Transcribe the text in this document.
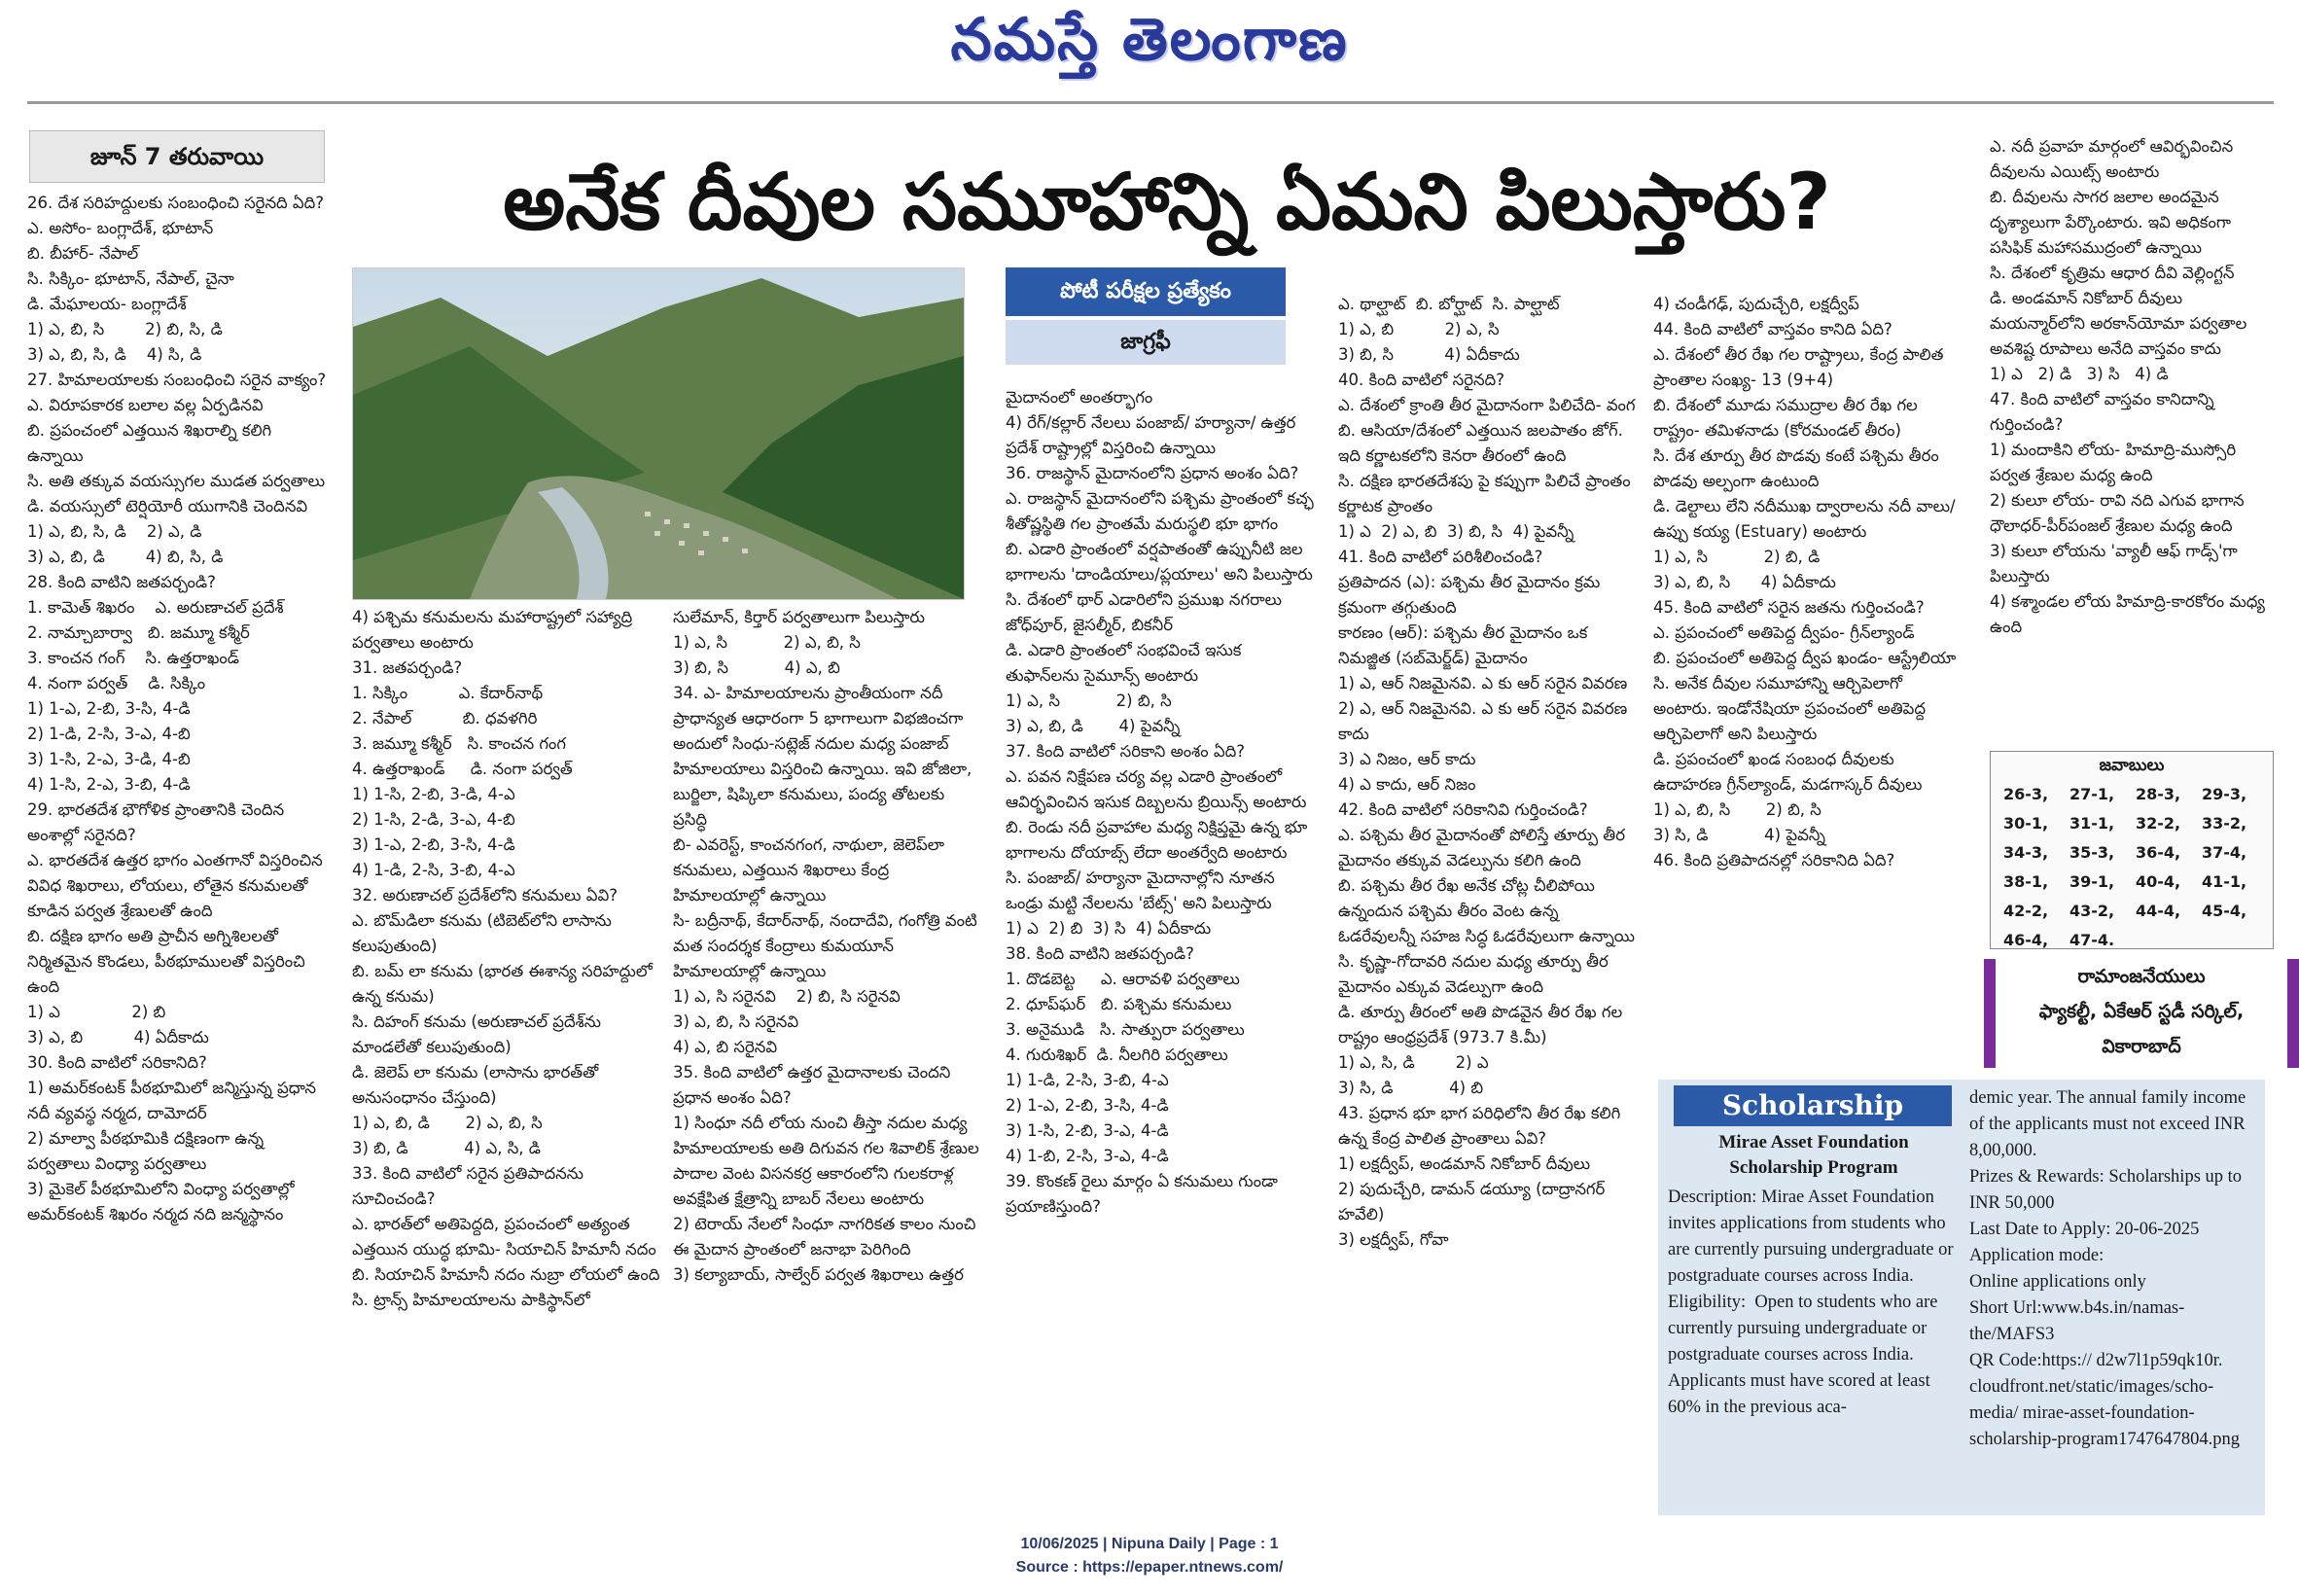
నమస్తే తెలంగాణ
జూన్ 7 తరువాయి	అనేక దీవుల సమూహాన్ని ఏమని పిలుస్తారు?
పోటీ పరీక్షల ప్రత్యేకం
జాగ్రఫీ
26. దేశ సరిహద్దులకు సంబంధించి సరైనది ఏది?
ఎ. అసోం- బంగ్లాదేశ్, భూటాన్
బి. బీహార్- నేపాల్
సి. సిక్కిం- భూటాన్, నేపాల్, చైనా
డి. మేఘాలయ- బంగ్లాదేశ్
1) ఎ, బి, సి        2) బి, సి, డి
3) ఎ, బి, సి, డి    4) సి, డి
27. హిమాలయాలకు సంబంధించి సరైన వాక్యం?
ఎ. విరూపకారక బలాల వల్ల ఏర్పడినవి
బి. ప్రపంచంలో ఎత్తయిన శిఖరాల్ని కలిగి ఉన్నాయి
సి. అతి తక్కువ వయస్సుగల ముడత పర్వతాలు
డి. వయస్సులో టెర్షియోరీ యుగానికి చెందినవి
1) ఎ, బి, సి, డి    2) ఎ, డి
3) ఎ, బి, డి        4) బి, సి, డి
28. కింది వాటిని జతపర్చండి?
1. కామెత్ శిఖరం    ఎ. అరుణాచల్ ప్రదేశ్
2. నామ్చాబార్వా   బి. జమ్మూ కశ్మీర్
3. కాంచన గంగ్    సి. ఉత్తరాఖండ్
4. నంగా పర్వత్    డి. సిక్కిం
1) 1-ఎ, 2-బి, 3-సి, 4-డి
2) 1-డి, 2-సి, 3-ఎ, 4-బి
3) 1-సి, 2-ఎ, 3-డి, 4-బి
4) 1-సి, 2-ఎ, 3-బి, 4-డి
29. భారతదేశ భౌగోళిక ప్రాంతానికి చెందిన అంశాల్లో సరైనది?
ఎ. భారతదేశ ఉత్తర భాగం ఎంతగానో విస్తరించిన వివిధ శిఖరాలు, లోయలు, లోతైన కనుమలతో కూడిన పర్వత శ్రేణులతో ఉంది
బి. దక్షిణ భాగం అతి ప్రాచీన అగ్నిశిలలతో నిర్మితమైన కొండలు, పీఠభూములతో విస్తరించి ఉంది
1) ఎ              2) బి
3) ఎ, బి          4) ఏదీకాదు
30. కింది వాటిలో సరికానిది?
1) అమర్‌కంటక్ పీఠభూమిలో జన్మిస్తున్న ప్రధాన నదీ వ్యవస్థ నర్మద, దామోదర్
2) మాల్వా పీఠభూమికి దక్షిణంగా ఉన్న పర్వతాలు వింధ్యా పర్వతాలు
3) మైకెల్ పీఠభూమిలోని వింధ్యా పర్వతాల్లో అమర్‌కంటక్ శిఖరం నర్మద నది జన్మస్థానం
4) పశ్చిమ కనుమలను మహారాష్ట్రలో సహ్యాద్రి పర్వతాలు అంటారు
31. జతపర్చండి?
1. సిక్కిం          ఎ. కేదార్‌నాథ్
2. నేపాల్          బి. ధవళగిరి
3. జమ్మూ కశ్మీర్   సి. కాంచన గంగ
4. ఉత్తరాఖండ్     డి. నంగా పర్వత్
1) 1-సి, 2-బి, 3-డి, 4-ఎ
2) 1-సి, 2-డి, 3-ఎ, 4-బి
3) 1-ఎ, 2-బి, 3-సి, 4-డి
4) 1-డి, 2-సి, 3-బి, 4-ఎ
32. అరుణాచల్ ప్రదేశ్‌లోని కనుమలు ఏవి?
ఎ. బొమ్‌డిలా కనుమ (టిబెట్‌లోని లాసాను కలుపుతుంది)
బి. బమ్ లా కనుమ (భారత ఈశాన్య సరిహద్దులో ఉన్న కనుమ)
సి. దిహంగ్ కనుమ (అరుణాచల్ ప్రదేశ్‌ను మాండలేతో కలుపుతుంది)
డి. జెలెప్ లా కనుమ (లాసాను భారత్‌తో అనుసంధానం చేస్తుంది)
1) ఎ, బి, డి       2) ఎ, బి, సి
3) బి, డి           4) ఎ, సి, డి
33. కింది వాటిలో సరైన ప్రతిపాదనను సూచించండి?
ఎ. భారత్‌లో అతిపెద్దది, ప్రపంచంలో అత్యంత ఎత్తయిన యుద్ధ భూమి- సియాచిన్ హిమానీ నదం
బి. సియాచిన్ హిమానీ నదం నుబ్రా లోయలో ఉంది
సి. ట్రాన్స్ హిమాలయాలను పాకిస్థాన్‌లో
సులేమాన్, కిర్తార్ పర్వతాలుగా పిలుస్తారు
1) ఎ, సి           2) ఎ, బి, సి
3) బి, సి           4) ఎ, బి
34. ఎ- హిమాలయాలను ప్రాంతీయంగా నదీ ప్రాధాన్యత ఆధారంగా 5 భాగాలుగా విభజించగా అందులో సింధు-సట్లెజ్ నదుల మధ్య పంజాబ్ హిమాలయాలు విస్తరించి ఉన్నాయి. ఇవి జోజిలా, బుర్జిలా, షిప్కిలా కనుమలు, పంద్య తోటలకు ప్రసిద్ధి
బి- ఎవరెస్ట్, కాంచనగంగ, నాథులా, జెలెప్‌లా కనుమలు, ఎత్తయిన శిఖరాలు కేంద్ర హిమాలయాల్లో ఉన్నాయి
సి- బద్రీనాథ్, కేదార్‌నాథ్, నందాదేవి, గంగోత్రి వంటి మత సందర్శక కేంద్రాలు కుమయూన్ హిమాలయాల్లో ఉన్నాయి
1) ఎ, సి సరైనవి    2) బి, సి సరైనవి
3) ఎ, బి, సి సరైనవి
4) ఎ, బి సరైనవి
35. కింది వాటిలో ఉత్తర మైదానాలకు చెందని ప్రధాన అంశం ఏది?
1) సింధూ నదీ లోయ నుంచి తీస్తా నదుల మధ్య హిమాలయాలకు అతి దిగువన గల శివాలిక్ శ్రేణుల పాదాల వెంట విసనకర్ర ఆకారంలోని గులకరాళ్ల అవక్షేపిత క్షేత్రాన్ని బాబర్ నేలలు అంటారు
2) టెరాయ్ నేలలో సింధూ నాగరికత కాలం నుంచి ఈ మైదాన ప్రాంతంలో జనాభా పెరిగింది
3) కల్యాబాయ్, సాల్వేర్ పర్వత శిఖరాలు ఉత్తర
మైదానంలో అంతర్భాగం
4) రేగ్/కల్లార్ నేలలు పంజాబ్/ హర్యానా/ ఉత్తర ప్రదేశ్ రాష్ట్రాల్లో విస్తరించి ఉన్నాయి
36. రాజస్థాన్ మైదానంలోని ప్రధాన అంశం ఏది?
ఎ. రాజస్థాన్ మైదానంలోని పశ్చిమ ప్రాంతంలో కచ్ఛ శీతోష్ణస్థితి గల ప్రాంతమే మరుస్థలి భూ భాగం
బి. ఎడారి ప్రాంతంలో వర్షపాతంతో ఉప్పునీటి జల భాగాలను 'దాండియాలు/ప్లయాలు' అని పిలుస్తారు
సి. దేశంలో థార్ ఎడారిలోని ప్రముఖ నగరాలు జోధ్‌పూర్, జైసల్మీర్, బికనీర్
డి. ఎడారి ప్రాంతంలో సంభవించే ఇసుక తుఫాన్‌లను సైమూన్స్ అంటారు
1) ఎ, సి           2) బి, సి
3) ఎ, బి, డి       4) పైవన్నీ
37. కింది వాటిలో సరికాని అంశం ఏది?
ఎ. పవన నిక్షేపణ చర్య వల్ల ఎడారి ప్రాంతంలో ఆవిర్భవించిన ఇసుక దిబ్బలను బ్రియిన్స్ అంటారు
బి. రెండు నదీ ప్రవాహాల మధ్య నిక్షిప్తమై ఉన్న భూ భాగాలను దోయాబ్స్ లేదా అంతర్వేది అంటారు
సి. పంజాబ్/ హర్యానా మైదానాల్లోని నూతన ఒండ్రు మట్టి నేలలను 'బేట్స్' అని పిలుస్తారు
1) ఎ  2) బి  3) సి  4) ఏదీకాదు
38. కింది వాటిని జతపర్చండి?
1. దొడబెట్ట     ఎ. ఆరావళి పర్వతాలు
2. ధూప్‌ఘర్   బి. పశ్చిమ కనుమలు
3. అనైముడి   సి. సాత్పురా పర్వతాలు
4. గురుశిఖర్  డి. నీలగిరి పర్వతాలు
1) 1-డి, 2-సి, 3-బి, 4-ఎ
2) 1-ఎ, 2-బి, 3-సి, 4-డి
3) 1-సి, 2-బి, 3-ఎ, 4-డి
4) 1-బి, 2-సి, 3-ఎ, 4-డి
39. కొంకణ్ రైలు మార్గం ఏ కనుమలు గుండా ప్రయాణిస్తుంది?
ఎ. థాల్ఘాట్  బి. బోర్ఘాట్  సి. పాల్ఘాట్
1) ఎ, బి          2) ఎ, సి
3) బి, సి          4) ఏదీకాదు
40. కింది వాటిలో సరైనది?
ఎ. దేశంలో క్రాంతి తీర మైదానంగా పిలిచేది- వంగ
బి. ఆసియా/దేశంలో ఎత్తయిన జలపాతం జోగ్. ఇది కర్ణాటకలోని కెనరా తీరంలో ఉంది
సి. దక్షిణ భారతదేశపు పై కప్పుగా పిలిచే ప్రాంతం కర్ణాటక ప్రాంతం
1) ఎ  2) ఎ, బి  3) బి, సి  4) పైవన్నీ
41. కింది వాటిలో పరిశీలించండి?
ప్రతిపాదన (ఎ): పశ్చిమ తీర మైదానం క్రమ క్రమంగా తగ్గుతుంది
కారణం (ఆర్): పశ్చిమ తీర మైదానం ఒక నిమజ్జిత (సబ్‌మెర్జ్‌డ్) మైదానం
1) ఎ, ఆర్ నిజమైనవి. ఎ కు ఆర్ సరైన వివరణ
2) ఎ, ఆర్ నిజమైనవి. ఎ కు ఆర్ సరైన వివరణ కాదు
3) ఎ నిజం, ఆర్ కాదు
4) ఎ కాదు, ఆర్ నిజం
42. కింది వాటిలో సరికానివి గుర్తించండి?
ఎ. పశ్చిమ తీర మైదానంతో పోలిస్తే తూర్పు తీర మైదానం తక్కువ వెడల్పును కలిగి ఉంది
బి. పశ్చిమ తీర రేఖ అనేక చోట్ల చీలిపోయి ఉన్నందున పశ్చిమ తీరం వెంట ఉన్న ఓడరేవులన్నీ సహజ సిద్ధ ఓడరేవులుగా ఉన్నాయి
సి. కృష్ణా-గోదావరి నదుల మధ్య తూర్పు తీర మైదానం ఎక్కువ వెడల్పుగా ఉంది
డి. తూర్పు తీరంలో అతి పొడవైన తీర రేఖ గల రాష్ట్రం ఆంధ్రప్రదేశ్ (973.7 కి.మీ)
1) ఎ, సి, డి        2) ఎ
3) సి, డి           4) బి
43. ప్రధాన భూ భాగ పరిధిలోని తీర రేఖ కలిగి ఉన్న కేంద్ర పాలిత ప్రాంతాలు ఏవి?
1) లక్షద్వీప్, అండమాన్ నికోబార్ దీవులు
2) పుదుచ్చేరి, డామన్ డయ్యూ (దాద్రానగర్ హవేలి)
3) లక్షద్వీప్, గోవా
4) చండీగఢ్, పుదుచ్చేరి, లక్షద్వీప్
44. కింది వాటిలో వాస్తవం కానిది ఏది?
ఎ. దేశంలో తీర రేఖ గల రాష్ట్రాలు, కేంద్ర పాలిత ప్రాంతాల సంఖ్య- 13 (9+4)
బి. దేశంలో మూడు సముద్రాల తీర రేఖ గల రాష్ట్రం- తమిళనాడు (కోరమండల్ తీరం)
సి. దేశ తూర్పు తీర పొడవు కంటే పశ్చిమ తీరం పొడవు అల్పంగా ఉంటుంది
డి. డెల్టాలు లేని నదీముఖ ద్వారాలను నదీ వాలు/ ఉప్పు కయ్య (Estuary) అంటారు
1) ఎ, సి           2) బి, డి
3) ఎ, బి, సి      4) ఏదీకాదు
45. కింది వాటిలో సరైన జతను గుర్తించండి?
ఎ. ప్రపంచంలో అతిపెద్ద ద్వీపం- గ్రీన్‌ల్యాండ్
బి. ప్రపంచంలో అతిపెద్ద ద్వీప ఖండం- ఆస్ట్రేలియా
సి. అనేక దీవుల సమూహాన్ని ఆర్చిపెలాగో అంటారు. ఇండోనేషియా ప్రపంచంలో అతిపెద్ద ఆర్చిపెలాగో అని పిలుస్తారు
డి. ప్రపంచంలో ఖండ సంబంధ దీవులకు ఉదాహరణ గ్రీన్‌ల్యాండ్, మడగాస్కర్ దీవులు
1) ఎ, బి, సి       2) బి, సి
3) సి, డి           4) పైవన్నీ
46. కింది ప్రతిపాదనల్లో సరికానిది ఏది?
ఎ. నదీ ప్రవాహ మార్గంలో ఆవిర్భవించిన దీవులను ఎయిట్స్ అంటారు
బి. దీవులను సాగర జలాల అందమైన దృశ్యాలుగా పేర్కొంటారు. ఇవి అధికంగా పసిఫిక్ మహాసముద్రంలో ఉన్నాయి
సి. దేశంలో కృత్రిమ ఆధార దీవి వెల్లింగ్టన్
డి. అండమాన్ నికోబార్ దీవులు మయన్మార్‌లోని అరకాన్‌యోమా పర్వతాల అవశిష్ట రూపాలు అనేది వాస్తవం కాదు
1) ఎ   2) డి   3) సి   4) డి
47. కింది వాటిలో వాస్తవం కానిదాన్ని గుర్తించండి?
1) మందాకిని లోయ- హిమాద్రి-ముస్సోరి పర్వత శ్రేణుల మధ్య ఉంది
2) కులూ లోయ- రావి నది ఎగువ భాగాన ధౌలాధర్-పీర్‌పంజల్ శ్రేణుల మధ్య ఉంది
3) కులూ లోయను 'వ్యాలీ ఆఫ్ గాడ్స్'గా పిలుస్తారు
4) కశ్మాండల లోయ హిమాద్రి-కారకోరం మధ్య ఉంది
జవాబులు
26-3,	27-1,	28-3,	29-3,
30-1,	31-1,	32-2,	33-2,
34-3,	35-3,	36-4,	37-4,
38-1,	39-1,	40-4,	41-1,
42-2,	43-2,	44-4,	45-4,
46-4,	47-4.		
రామాంజనేయులు
ఫ్యాకల్టీ, ఏకేఆర్ స్టడీ సర్కిల్,
వికారాబాద్
Scholarship
Mirae Asset Foundation
Scholarship Program
Description: Mirae Asset Foundation invites applications from students who are currently pursuing undergraduate or postgraduate courses across India.
Eligibility:  Open to students who are currently pursuing undergraduate or postgraduate courses across India. Applicants must have scored at least 60% in the previous aca-
demic year. The annual family income of the applicants must not exceed INR 8,00,000.
Prizes & Rewards: Scholarships up to INR 50,000
Last Date to Apply: 20-06-2025
Application mode:
Online applications only
Short Url:www.b4s.in/namas-the/MAFS3
QR Code:https:// d2w7l1p59qk10r. cloudfront.net/static/images/scho-media/ mirae-asset-foundation-scholarship-program1747647804.png
10/06/2025 | Nipuna Daily | Page : 1
Source : https://epaper.ntnews.com/
